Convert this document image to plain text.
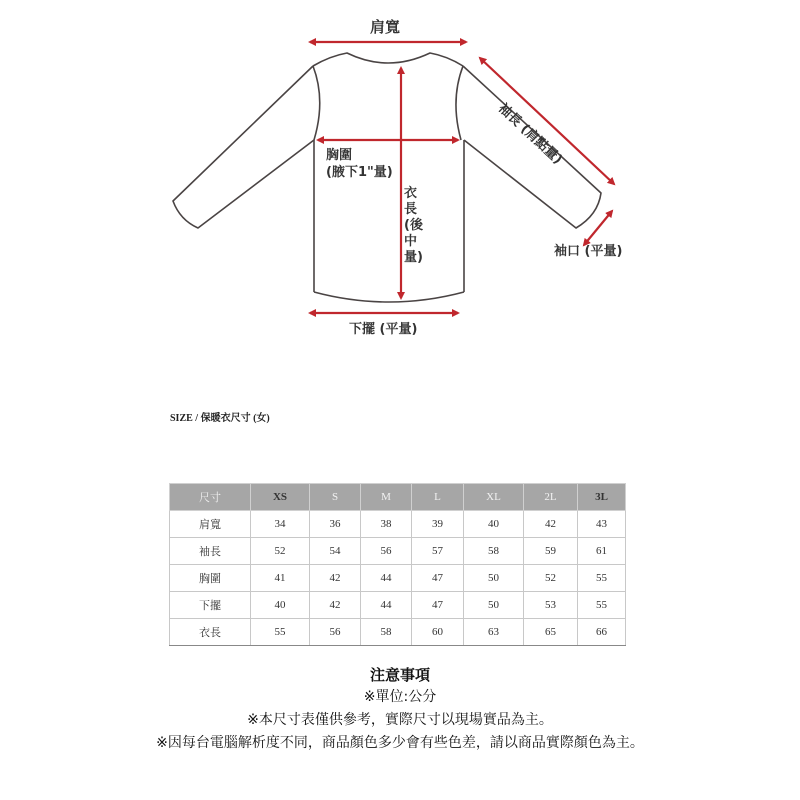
肩寬
胸圍
(腋下1"量)
衣長(後中量)
袖長 (肩點量)
袖口 (平量)
下擺 (平量)
SIZE / 保暖衣尺寸 (女)
尺寸	XS	S	M	L	XL	2L	3L
肩寬	34	36	38	39	40	42	43
袖長	52	54	56	57	58	59	61
胸圍	41	42	44	47	50	52	55
下擺	40	42	44	47	50	53	55
衣長	55	56	58	60	63	65	66
注意事項
※單位:公分
※本尺寸表僅供參考，實際尺寸以現場實品為主。
※因每台電腦解析度不同，商品顏色多少會有些色差，請以商品實際顏色為主。
